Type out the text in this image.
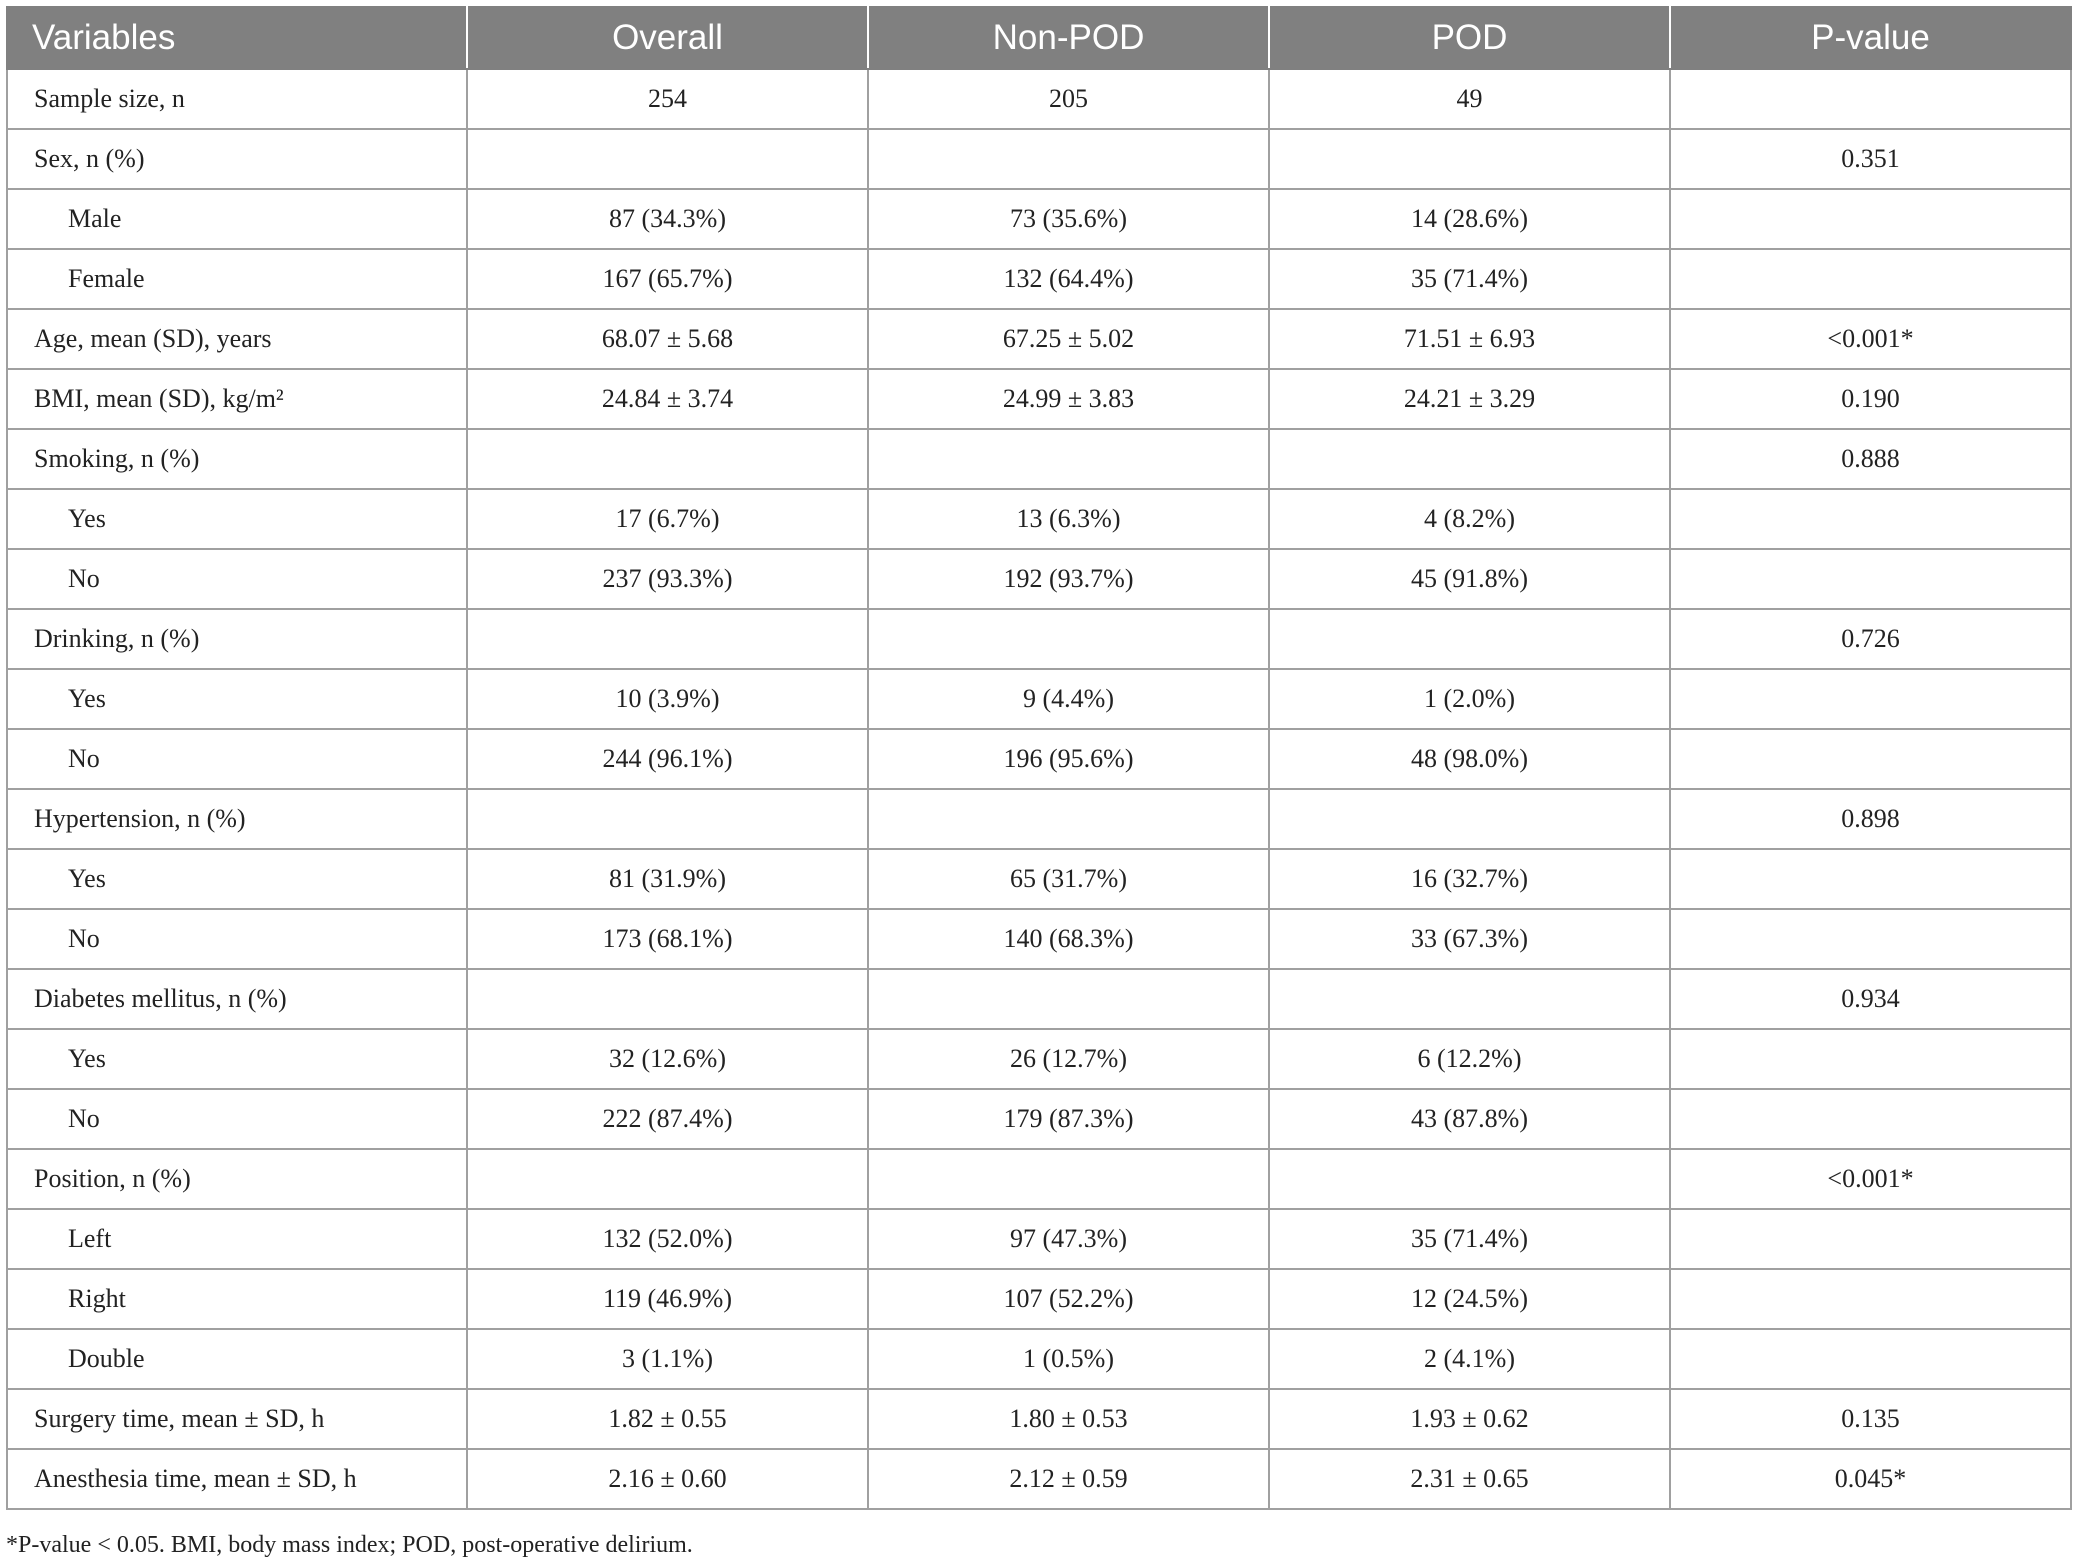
Variables	Overall	Non-POD	POD	P-value
Sample size, n	254	205	49	
Sex, n (%)				0.351
Male	87 (34.3%)	73 (35.6%)	14 (28.6%)	
Female	167 (65.7%)	132 (64.4%)	35 (71.4%)	
Age, mean (SD), years	68.07 ± 5.68	67.25 ± 5.02	71.51 ± 6.93	<0.001*
BMI, mean (SD), kg/m²	24.84 ± 3.74	24.99 ± 3.83	24.21 ± 3.29	0.190
Smoking, n (%)				0.888
Yes	17 (6.7%)	13 (6.3%)	4 (8.2%)	
No	237 (93.3%)	192 (93.7%)	45 (91.8%)	
Drinking, n (%)				0.726
Yes	10 (3.9%)	9 (4.4%)	1 (2.0%)	
No	244 (96.1%)	196 (95.6%)	48 (98.0%)	
Hypertension, n (%)				0.898
Yes	81 (31.9%)	65 (31.7%)	16 (32.7%)	
No	173 (68.1%)	140 (68.3%)	33 (67.3%)	
Diabetes mellitus, n (%)				0.934
Yes	32 (12.6%)	26 (12.7%)	6 (12.2%)	
No	222 (87.4%)	179 (87.3%)	43 (87.8%)	
Position, n (%)				<0.001*
Left	132 (52.0%)	97 (47.3%)	35 (71.4%)	
Right	119 (46.9%)	107 (52.2%)	12 (24.5%)	
Double	3 (1.1%)	1 (0.5%)	2 (4.1%)	
Surgery time, mean ± SD, h	1.82 ± 0.55	1.80 ± 0.53	1.93 ± 0.62	0.135
Anesthesia time, mean ± SD, h	2.16 ± 0.60	2.12 ± 0.59	2.31 ± 0.65	0.045*
*P-value < 0.05. BMI, body mass index; POD, post-operative delirium.
